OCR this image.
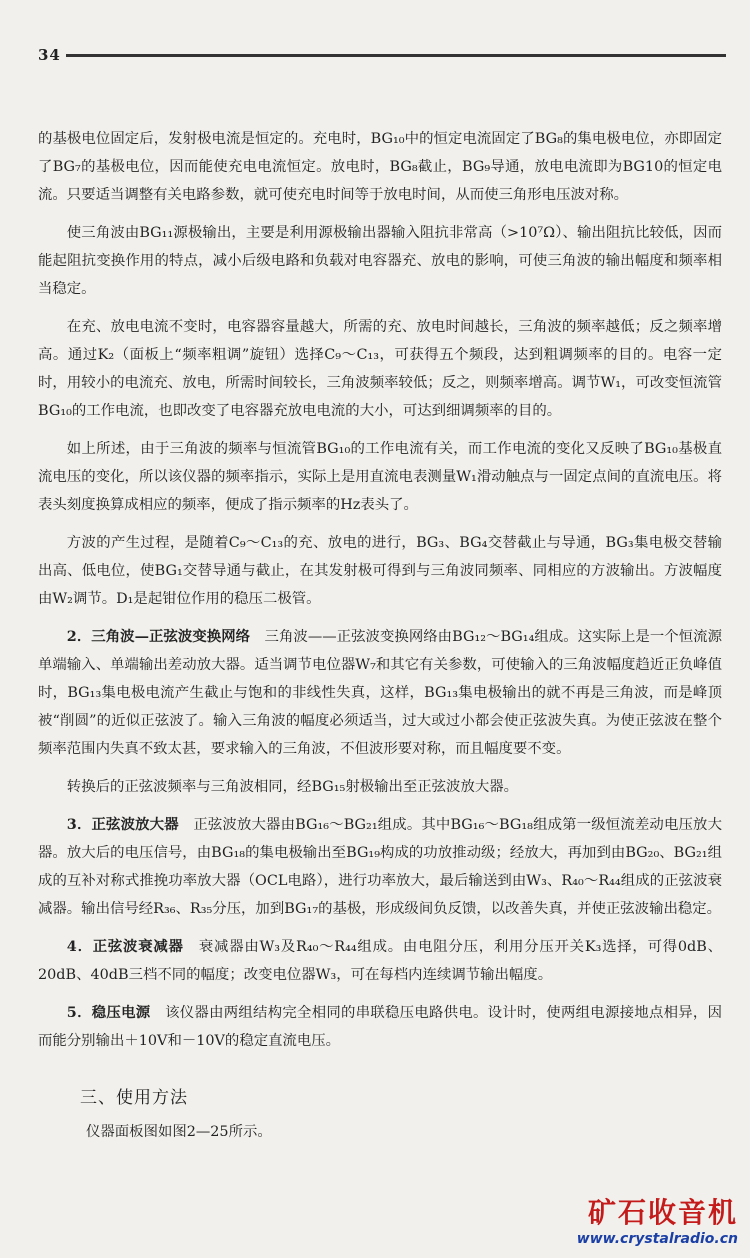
34

的基极电位固定后，发射极电流是恒定的。充电时，BG₁₀中的恒定电流固定了BG₈的集电极电位，亦即固定了BG₇的基极电位，因而能使充电电流恒定。放电时，BG₈截止，BG₉导通，放电电流即为BG10的恒定电流。只要适当调整有关电路参数，就可使充电时间等于放电时间，从而使三角形电压波对称。

使三角波由BG₁₁源极输出，主要是利用源极输出器输入阻抗非常高（>10⁷Ω）、输出阻抗比较低，因而能起阻抗变换作用的特点，减小后级电路和负载对电容器充、放电的影响，可使三角波的输出幅度和频率相当稳定。

在充、放电电流不变时，电容器容量越大，所需的充、放电时间越长，三角波的频率越低；反之频率增高。通过K₂（面板上“频率粗调”旋钮）选择C₉～C₁₃，可获得五个频段，达到粗调频率的目的。电容一定时，用较小的电流充、放电，所需时间较长，三角波频率较低；反之，则频率增高。调节W₁，可改变恒流管BG₁₀的工作电流，也即改变了电容器充放电电流的大小，可达到细调频率的目的。

如上所述，由于三角波的频率与恒流管BG₁₀的工作电流有关，而工作电流的变化又反映了BG₁₀基极直流电压的变化，所以该仪器的频率指示，实际上是用直流电表测量W₁滑动触点与一固定点间的直流电压。将表头刻度换算成相应的频率，便成了指示频率的Hz表头了。

方波的产生过程，是随着C₉～C₁₃的充、放电的进行，BG₃、BG₄交替截止与导通，BG₃集电极交替输出高、低电位，使BG₁交替导通与截止，在其发射极可得到与三角波同频率、同相应的方波输出。方波幅度由W₂调节。D₁是起钳位作用的稳压二极管。

2．三角波—正弦波变换网络　 三角波——正弦波变换网络由BG₁₂～BG₁₄组成。这实际上是一个恒流源单端输入、单端输出差动放大器。适当调节电位器W₇和其它有关参数，可使输入的三角波幅度趋近正负峰值时，BG₁₃集电极电流产生截止与饱和的非线性失真，这样，BG₁₃集电极输出的就不再是三角波，而是峰顶被“削圆”的近似正弦波了。输入三角波的幅度必须适当，过大或过小都会使正弦波失真。为使正弦波在整个频率范围内失真不致太甚，要求输入的三角波，不但波形要对称，而且幅度要不变。

转换后的正弦波频率与三角波相同，经BG₁₅射极输出至正弦波放大器。

3．正弦波放大器　 正弦波放大器由BG₁₆～BG₂₁组成。其中BG₁₆～BG₁₈组成第一级恒流差动电压放大器。放大后的电压信号，由BG₁₈的集电极输出至BG₁₉构成的功放推动级；经放大，再加到由BG₂₀、BG₂₁组成的互补对称式推挽功率放大器（OCL电路），进行功率放大，最后输送到由W₃、R₄₀～R₄₄组成的正弦波衰减器。输出信号经R₃₆、R₃₅分压，加到BG₁₇的基极，形成级间负反馈，以改善失真，并使正弦波输出稳定。

4．正弦波衰减器　 衰减器由W₃及R₄₀～R₄₄组成。由电阻分压，利用分压开关K₃选择，可得0dB、20dB、40dB三档不同的幅度；改变电位器W₃，可在每档内连续调节输出幅度。

5．稳压电源　 该仪器由两组结构完全相同的串联稳压电路供电。设计时，使两组电源接地点相异，因而能分别输出＋10V和－10V的稳定直流电压。

三、使用方法
仪器面板图如图2—25所示。
矿石收音机
www.crystalradio.cn
